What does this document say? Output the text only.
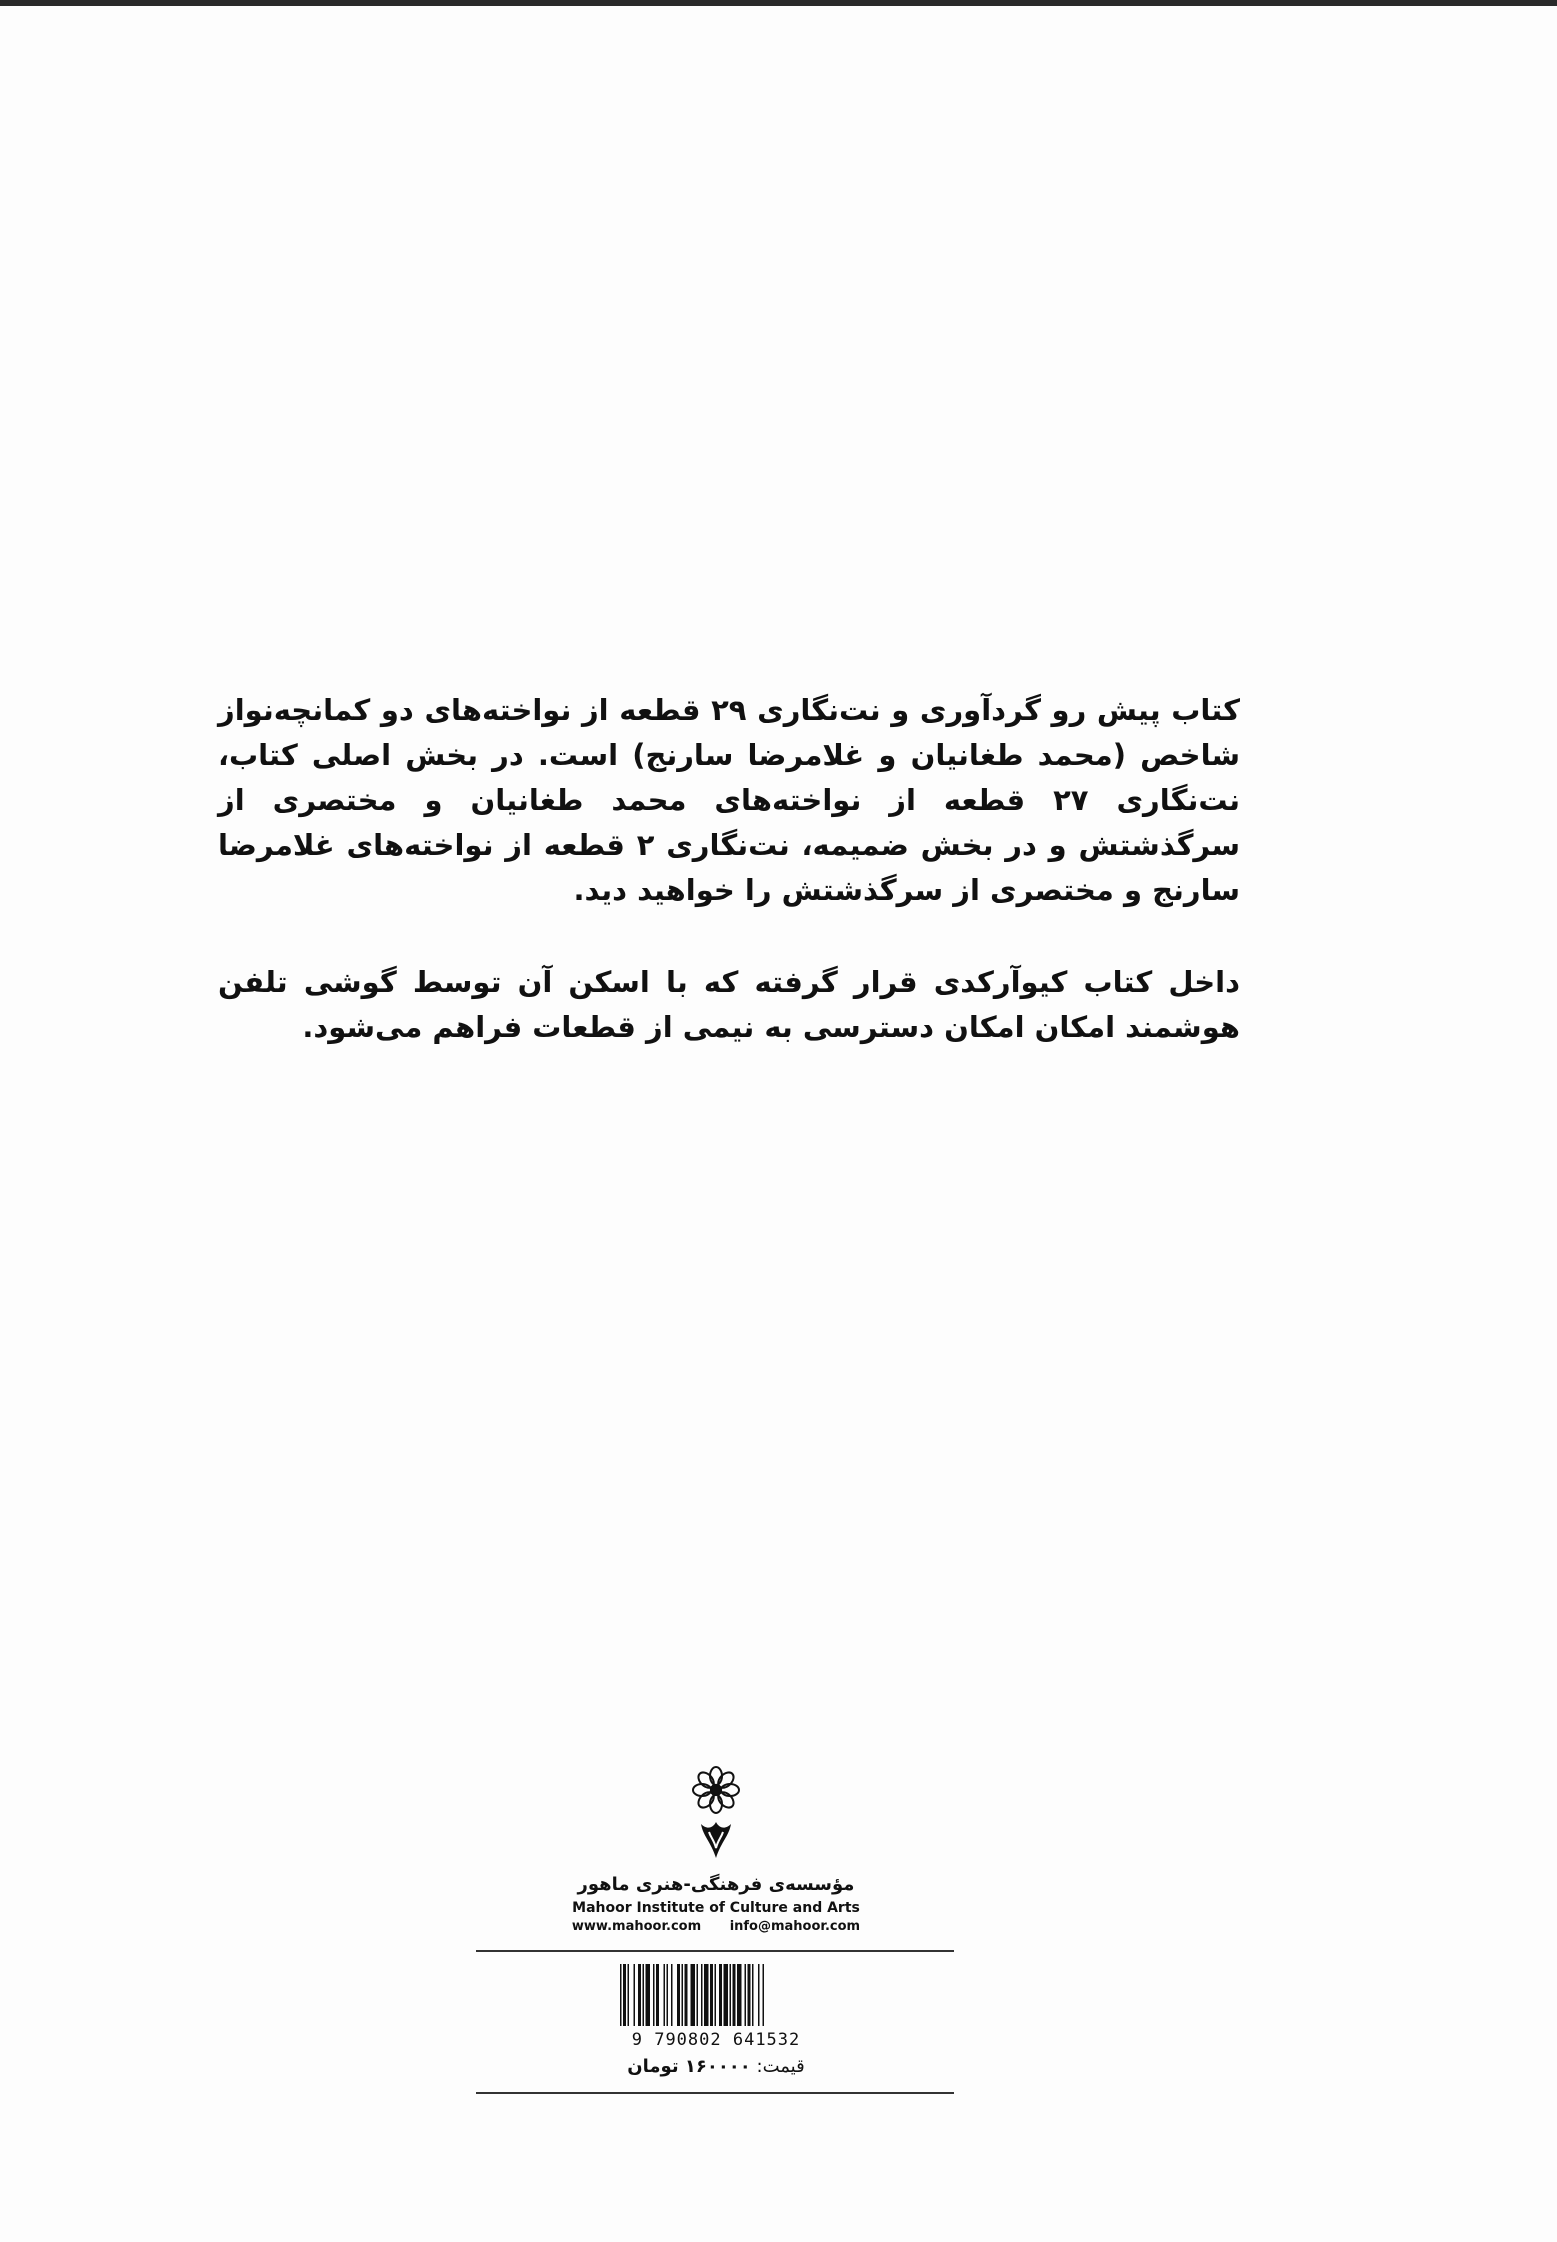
کتاب پیش رو گردآوری و نت‌نگاری ۲۹ قطعه از نواخته‌های دو کمانچه‌نواز شاخص (محمد طغانیان و غلامرضا سارنج) است. در بخش اصلی کتاب، نت‌نگاری ۲۷ قطعه از نواخته‌های محمد طغانیان و مختصری از سرگذشتش و در بخش ضمیمه، نت‌نگاری ۲ قطعه از نواخته‌های غلامرضا سارنج و مختصری از سرگذشتش را خواهید دید.
داخل کتاب کیوآرکدی قرار گرفته که با اسکن آن توسط گوشی تلفن هوشمند امکان امکان دسترسی به نیمی از قطعات فراهم می‌شود.
مؤسسه‌ی فرهنگی-هنری ماهور
Mahoor Institute of Culture and Arts
www.mahoor.com info@mahoor.com
9 790802 641532
قیمت: ۱۶۰۰۰۰ تومان
